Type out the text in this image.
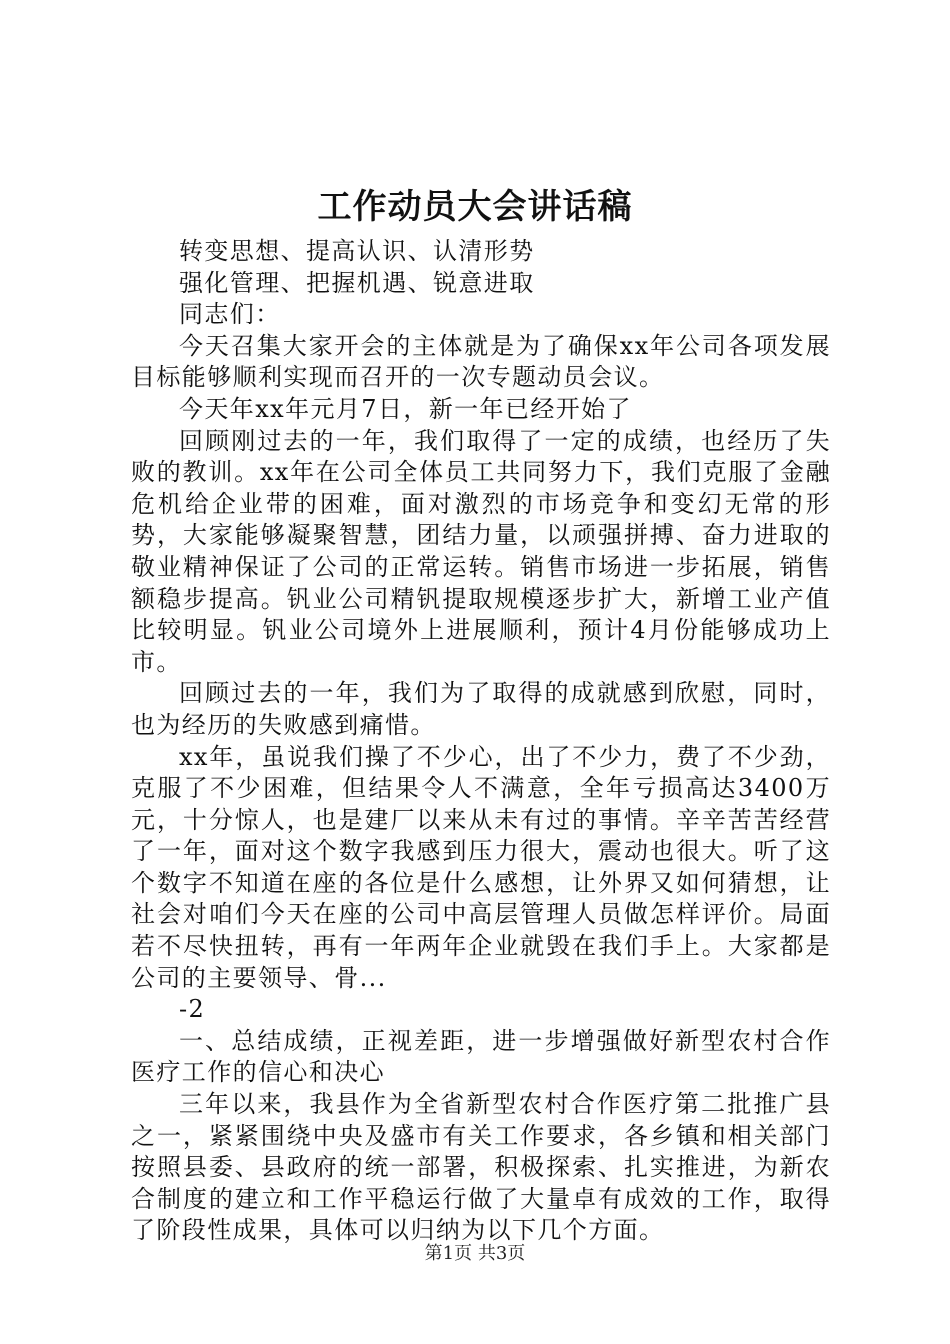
工作动员大会讲话稿

转变思想、提高认识、认清形势

强化管理、把握机遇、锐意进取

同志们：

今天召集大家开会的主体就是为了确保xx年公司各项发展目标能够顺利实现而召开的一次专题动员会议。

今天年xx年元月7日，新一年已经开始了

回顾刚过去的一年，我们取得了一定的成绩，也经历了失败的教训。xx年在公司全体员工共同努力下，我们克服了金融危机给企业带的困难，面对激烈的市场竞争和变幻无常的形势，大家能够凝聚智慧，团结力量，以顽强拼搏、奋力进取的敬业精神保证了公司的正常运转。销售市场进一步拓展，销售额稳步提高。钒业公司精钒提取规模逐步扩大，新增工业产值比较明显。钒业公司境外上进展顺利，预计4月份能够成功上市。

回顾过去的一年，我们为了取得的成就感到欣慰，同时，也为经历的失败感到痛惜。

xx年，虽说我们操了不少心，出了不少力，费了不少劲，克服了不少困难，但结果令人不满意，全年亏损高达3400万元，十分惊人，也是建厂以来从未有过的事情。辛辛苦苦经营了一年，面对这个数字我感到压力很大，震动也很大。听了这个数字不知道在座的各位是什么感想，让外界又如何猜想，让社会对咱们今天在座的公司中高层管理人员做怎样评价。局面若不尽快扭转，再有一年两年企业就毁在我们手上。大家都是公司的主要领导、骨...

-2

一、总结成绩，正视差距，进一步增强做好新型农村合作医疗工作的信心和决心

三年以来，我县作为全省新型农村合作医疗第二批推广县之一，紧紧围绕中央及盛市有关工作要求，各乡镇和相关部门按照县委、县政府的统一部署，积极探索、扎实推进，为新农合制度的建立和工作平稳运行做了大量卓有成效的工作，取得了阶段性成果，具体可以归纳为以下几个方面。

第1页 共3页
